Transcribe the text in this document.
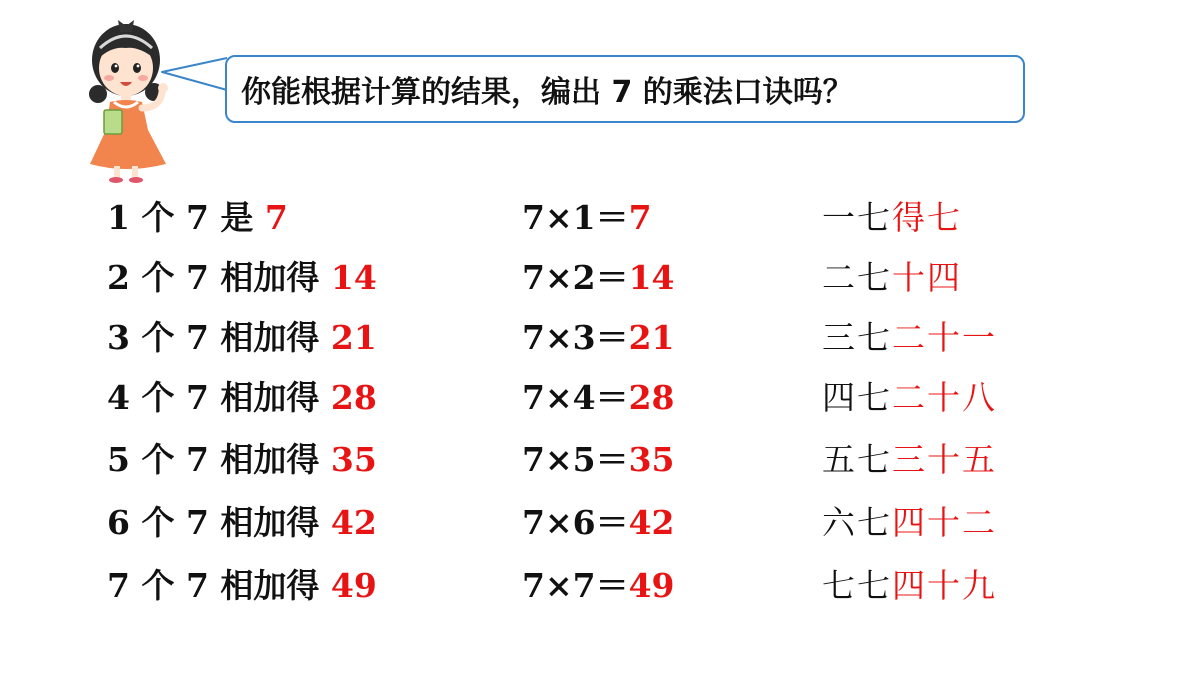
你能根据计算的结果，编出 7 的乘法口诀吗？
1 个 7 是 7	7×1＝7	一七得七
2 个 7 相加得 14	7×2＝14	二七十四
3 个 7 相加得 21	7×3＝21	三七二十一
4 个 7 相加得 28	7×4＝28	四七二十八
5 个 7 相加得 35	7×5＝35	五七三十五
6 个 7 相加得 42	7×6＝42	六七四十二
7 个 7 相加得 49	7×7＝49	七七四十九
